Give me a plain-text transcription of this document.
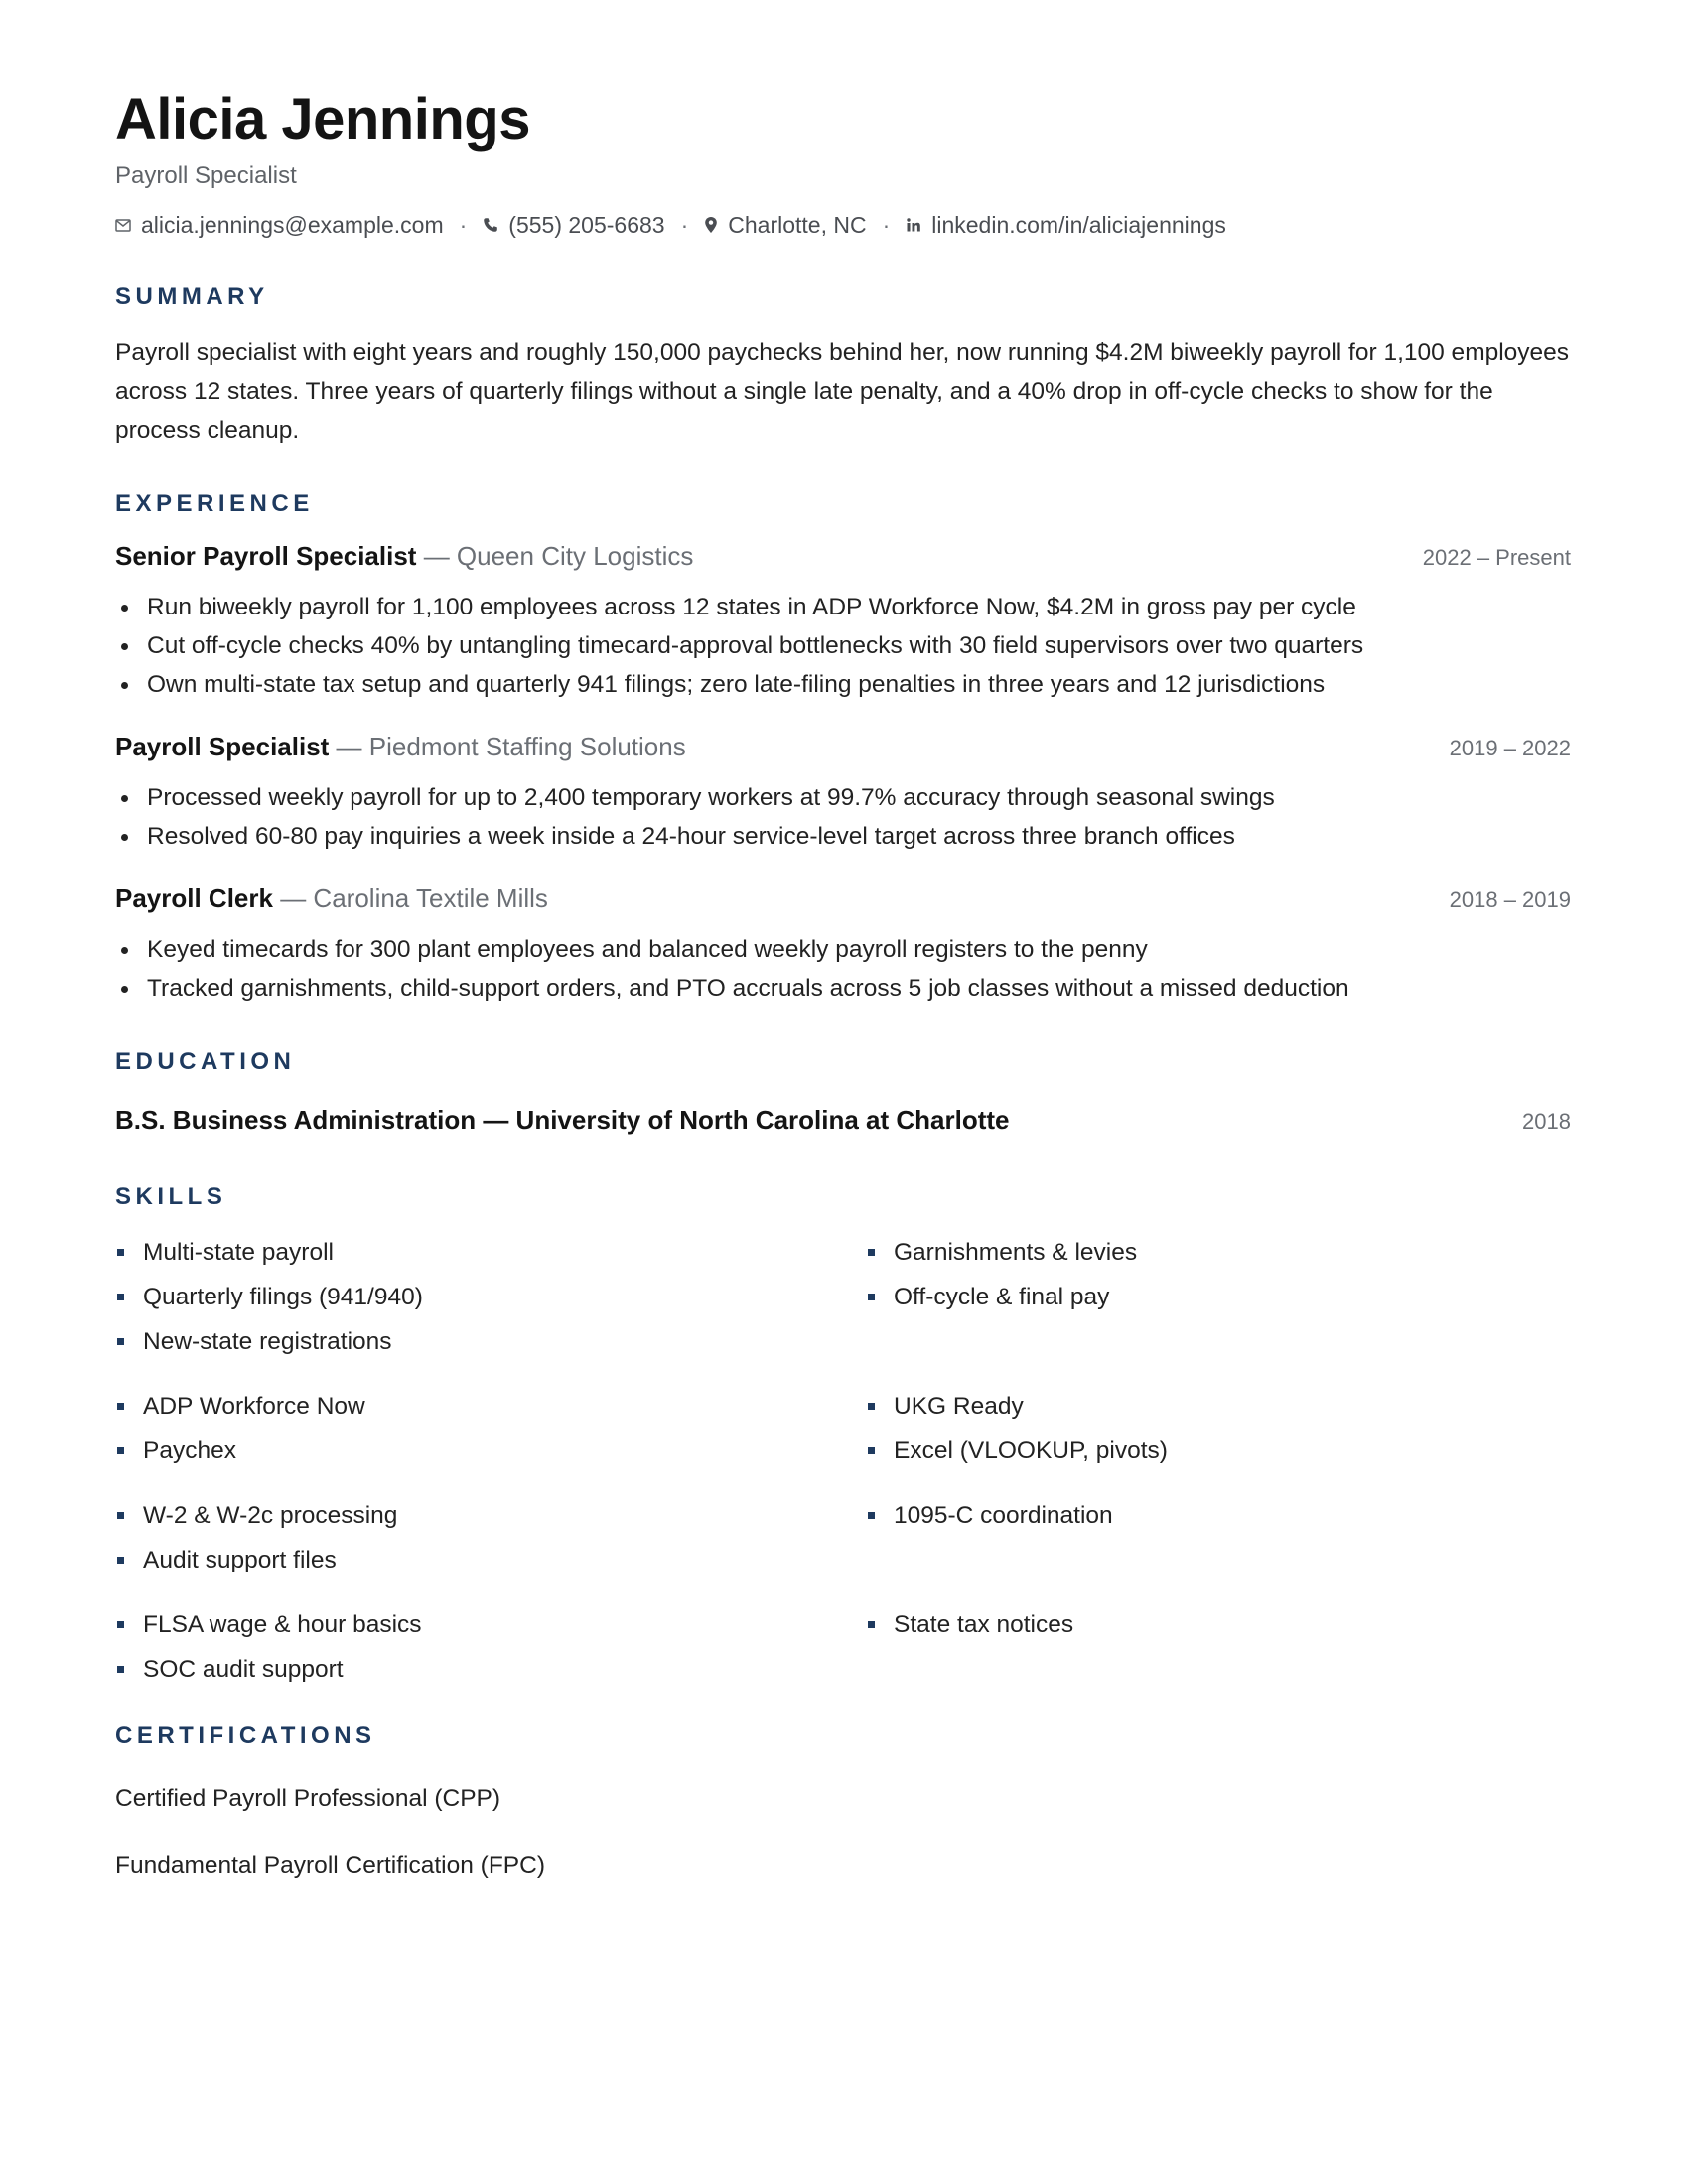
Alicia Jennings
Payroll Specialist
alicia.jennings@example.com · (555) 205-6683 · Charlotte, NC · linkedin.com/in/aliciajennings
SUMMARY

Payroll specialist with eight years and roughly 150,000 paychecks behind her, now running $4.2M biweekly payroll for 1,100 employees across 12 states. Three years of quarterly filings without a single late penalty, and a 40% drop in off-cycle checks to show for the process cleanup.

EXPERIENCE
Senior Payroll Specialist — Queen City Logistics	2022 – Present
Run biweekly payroll for 1,100 employees across 12 states in ADP Workforce Now, $4.2M in gross pay per cycle
Cut off-cycle checks 40% by untangling timecard-approval bottlenecks with 30 field supervisors over two quarters
Own multi-state tax setup and quarterly 941 filings; zero late-filing penalties in three years and 12 jurisdictions
Payroll Specialist — Piedmont Staffing Solutions	2019 – 2022
Processed weekly payroll for up to 2,400 temporary workers at 99.7% accuracy through seasonal swings
Resolved 60-80 pay inquiries a week inside a 24-hour service-level target across three branch offices
Payroll Clerk — Carolina Textile Mills	2018 – 2019
Keyed timecards for 300 plant employees and balanced weekly payroll registers to the penny
Tracked garnishments, child-support orders, and PTO accruals across 5 job classes without a missed deduction
EDUCATION
B.S. Business Administration — University of North Carolina at Charlotte	2018
SKILLS
Multi-state payroll
Quarterly filings (941/940)
New-state registrations
Garnishments & levies
Off-cycle & final pay
ADP Workforce Now
Paychex
UKG Ready
Excel (VLOOKUP, pivots)
W-2 & W-2c processing
Audit support files
1095-C coordination
FLSA wage & hour basics
SOC audit support
State tax notices
CERTIFICATIONS
Certified Payroll Professional (CPP)
Fundamental Payroll Certification (FPC)
